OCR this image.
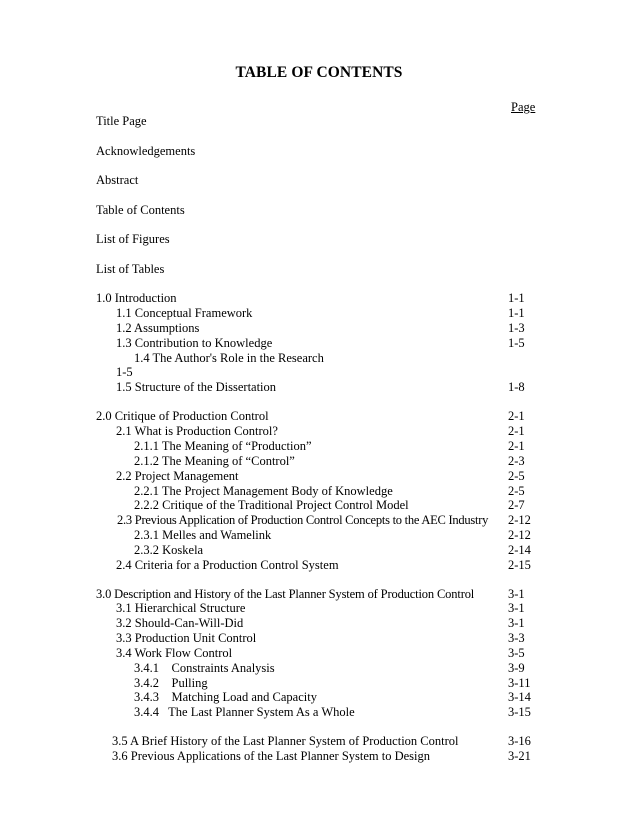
TABLE OF CONTENTS
Page
Title Page
Acknowledgements
Abstract
Table of Contents
List of Figures
List of Tables
1.0 Introduction	1-1
1.1 Conceptual Framework	1-1
1.2 Assumptions	1-3
1.3 Contribution to Knowledge	1-5
1.4 The Author's Role in the Research
1-5
1.5 Structure of the Dissertation	1-8
2.0 Critique of Production Control	2-1
2.1 What is Production Control?	2-1
2.1.1 The Meaning of “Production”	2-1
2.1.2 The Meaning of “Control”	2-3
2.2 Project Management	2-5
2.2.1 The Project Management Body of Knowledge	2-5
2.2.2 Critique of the Traditional Project Control Model	2-7
2.3 Previous Application of Production Control Concepts to the AEC Industry 2-12
2.3.1 Melles and Wamelink	2-12
2.3.2 Koskela	2-14
2.4 Criteria for a Production Control System	2-15
3.0 Description and History of the Last Planner System of Production Control	3-1
3.1 Hierarchical Structure	3-1
3.2 Should-Can-Will-Did	3-1
3.3 Production Unit Control	3-3
3.4 Work Flow Control	3-5
3.4.1    Constraints Analysis	3-9
3.4.2    Pulling	3-11
3.4.3    Matching Load and Capacity	3-14
3.4.4   The Last Planner System As a Whole	3-15
3.5 A Brief History of the Last Planner System of Production Control	3-16
3.6 Previous Applications of the Last Planner System to Design	3-21
